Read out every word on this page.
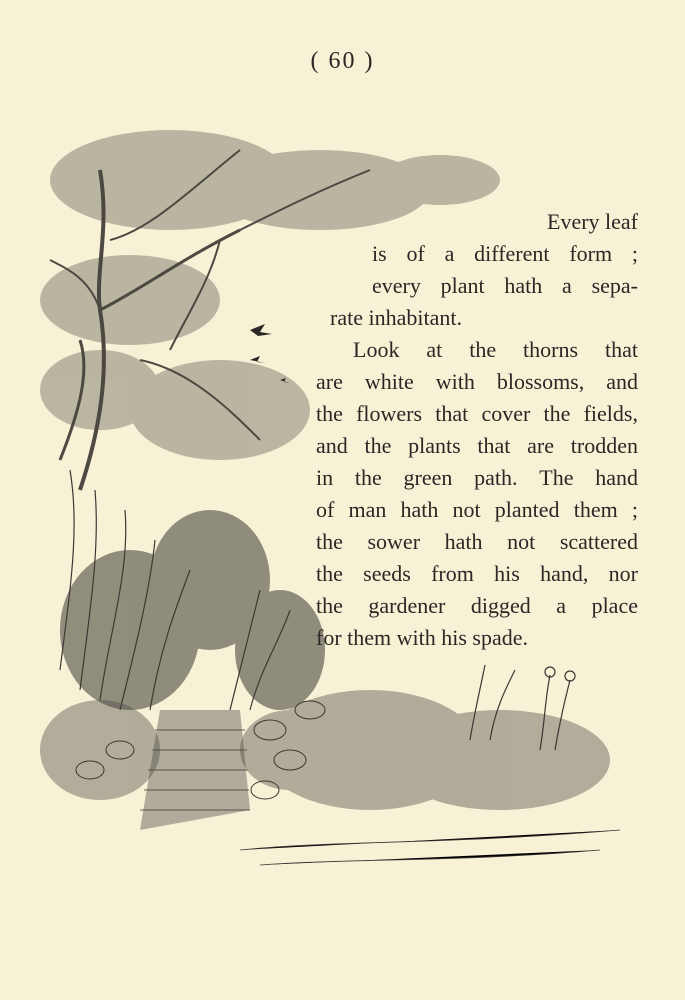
( 60 )
Every leaf
is of a different form ;
every plant hath a sepa-
rate inhabitant.
Look at the thorns that
are white with blossoms, and
the flowers that cover the fields,
and the plants that are trodden
in the green path. The hand
of man hath not planted them ;
the sower hath not scattered
the seeds from his hand, nor
the gardener digged a place
for them with his spade.
